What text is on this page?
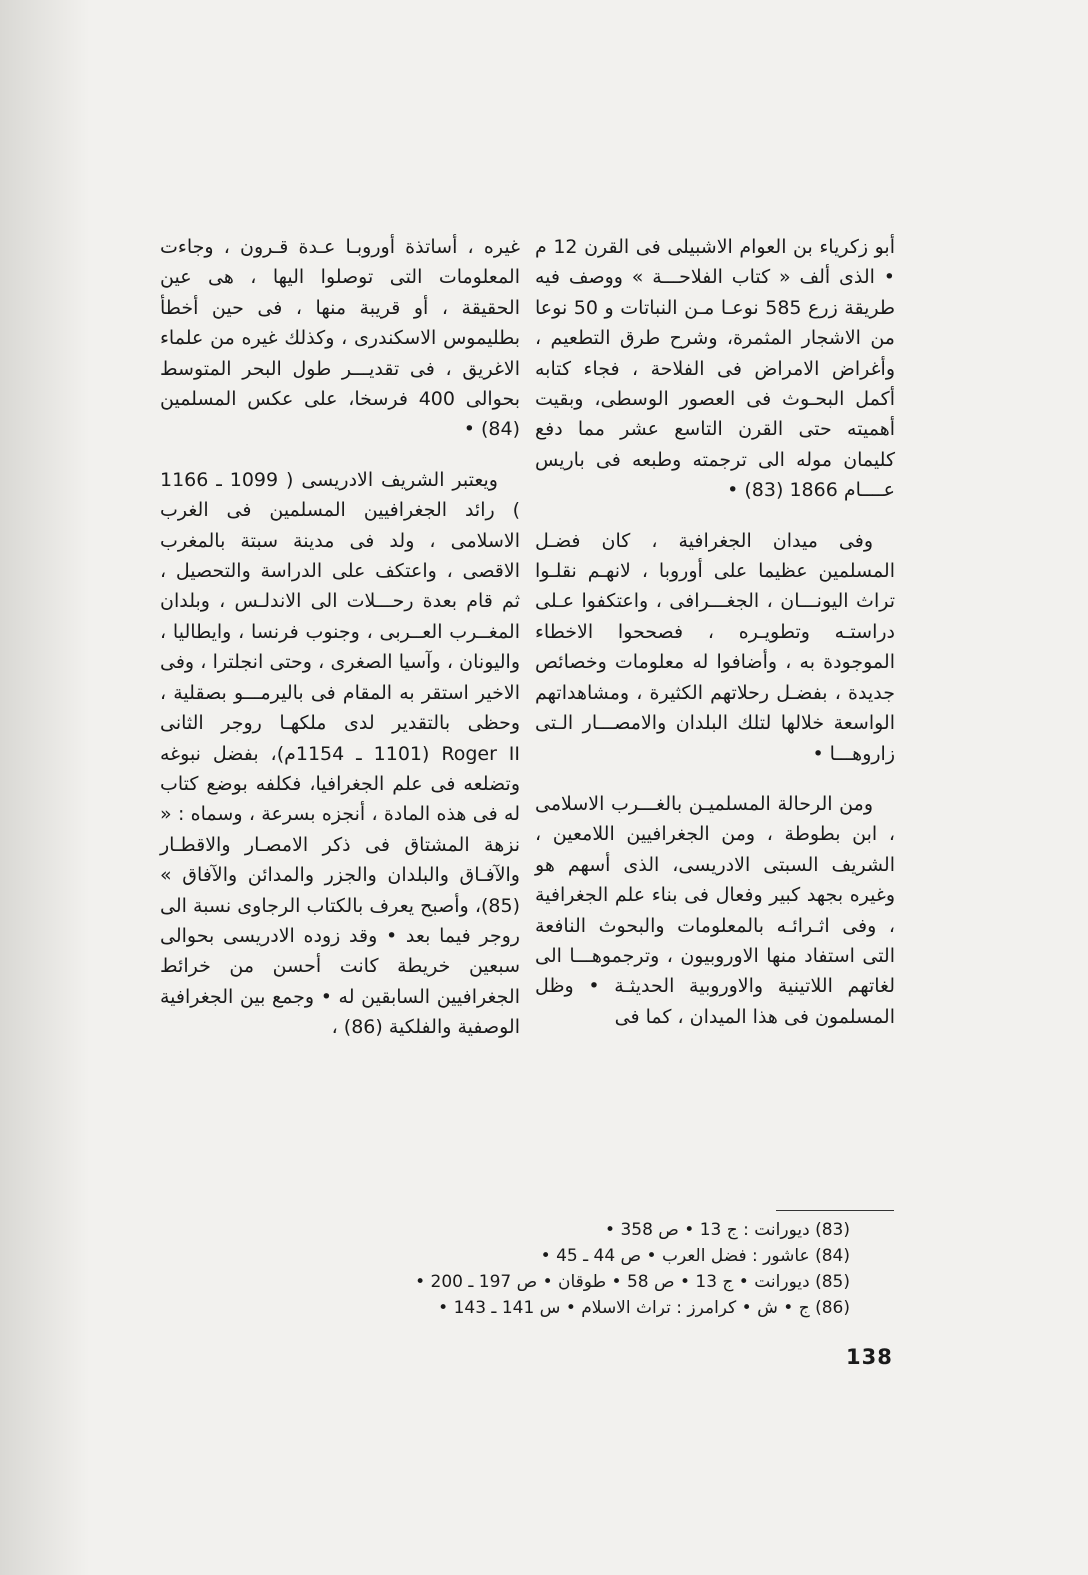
أبو زكرياء بن العوام الاشبيلى فى القرن 12 م • الذى ألف « كتاب الفلاحـــة » ووصف فيه طريقة زرع 585 نوعـا مـن النباتات و 50 نوعا من الاشجار المثمرة، وشرح طرق التطعيم ، وأغراض الامراض فى الفلاحة ، فجاء كتابه أكمل البحـوث فى العصور الوسطى، وبقيت أهميته حتى القرن التاسع عشر مما دفع كليمان موله الى ترجمته وطبعه فى باريس عــــام 1866 (83) •

وفى ميدان الجغرافية ، كان فضـل المسلمين عظيما على أوروبا ، لانهـم نقلـوا تراث اليونـــان ، الجغـــرافى ، واعتكفوا عـلى دراستـه وتطويـره ، فصححوا الاخطاء الموجودة به ، وأضافوا له معلومات وخصائص جديدة ، بفضـل رحلاتهم الكثيرة ، ومشاهداتهم الواسعة خلالها لتلك البلدان والامصـــار الـتى زاروهـــا •

ومن الرحالة المسلميـن بالغـــرب الاسلامى ، ابن بطوطة ، ومن الجغرافيين اللامعين ، الشريف السبتى الادريسى، الذى أسهم هو وغيره بجهد كبير وفعال فى بناء علم الجغرافية ، وفى اثـرائـه بالمعلومات والبحوث النافعة التى استفاد منها الاوروبيون ، وترجموهـــا الى لغاتهم اللاتينية والاوروبية الحديثـة • وظل المسلمون فى هذا الميدان ، كما فى

غيره ، أساتذة أوروبـا عـدة قـرون ، وجاءت المعلومات التى توصلوا اليها ، هى عين الحقيقة ، أو قريبة منها ، فى حين أخطأ بطليموس الاسكندرى ، وكذلك غيره من علماء الاغريق ، فى تقديـــر طول البحر المتوسط بحوالى 400 فرسخا، على عكس المسلمين (84) •

ويعتبر الشريف الادريسى ( 1099 ـ 1166 ) رائد الجغرافيين المسلمين فى الغرب الاسلامى ، ولد فى مدينة سبتة بالمغرب الاقصى ، واعتكف على الدراسة والتحصيل ، ثم قام بعدة رحـــلات الى الاندلـس ، وبلدان المغــرب العــربى ، وجنوب فرنسا ، وايطاليا ، واليونان ، وآسيا الصغرى ، وحتى انجلترا ، وفى الاخير استقر به المقام فى باليرمـــو بصقلية ، وحظى بالتقدير لدى ملكهـا روجر الثانى Roger II (1101 ـ 1154م)، بفضل نبوغه وتضلعه فى علم الجغرافيا، فكلفه بوضع كتاب له فى هذه المادة ، أنجزه بسرعة ، وسماه : « نزهة المشتاق فى ذكر الامصـار والاقطـار والآفـاق والبلدان والجزر والمدائن والآفاق » (85)، وأصبح يعرف بالكتاب الرجاوى نسبة الى روجر فيما بعد • وقد زوده الادريسى بحوالى سبعين خريطة كانت أحسن من خرائط الجغرافيين السابقين له • وجمع بين الجغرافية الوصفية والفلكية (86) ،

(83) ديورانت : ج 13 • ص 358 •
(84) عاشور : فضل العرب • ص 44 ـ 45 •
(85) ديورانت • ج 13 • ص 58 • طوقان • ص 197 ـ 200 •
(86) ج • ش • كرامرز : تراث الاسلام • س 141 ـ 143 •
138
